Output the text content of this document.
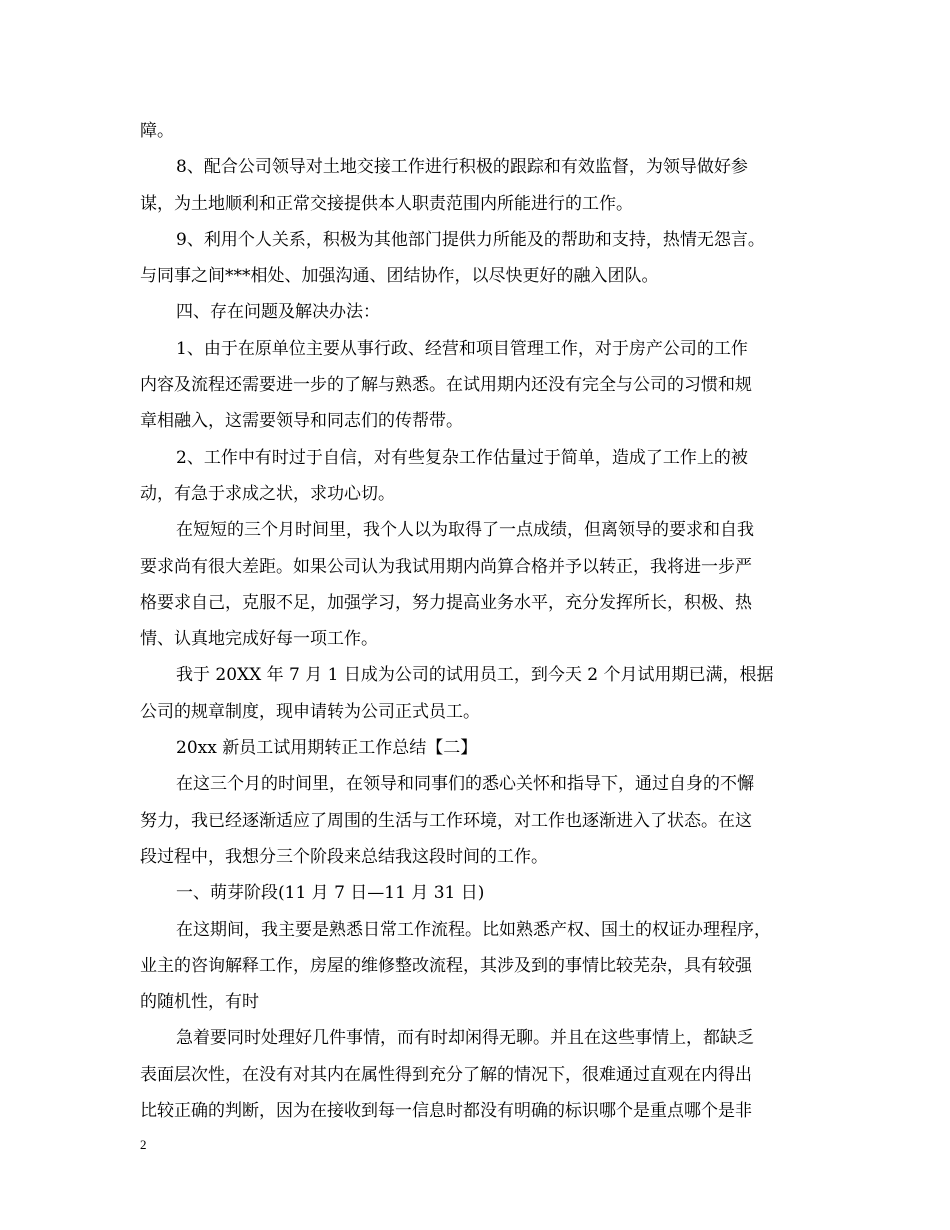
障。

8、配合公司领导对土地交接工作进行积极的跟踪和有效监督，为领导做好参

谋，为土地顺利和正常交接提供本人职责范围内所能进行的工作。

9、利用个人关系，积极为其他部门提供力所能及的帮助和支持，热情无怨言。

与同事之间***相处、加强沟通、团结协作，以尽快更好的融入团队。

四、存在问题及解决办法：

1、由于在原单位主要从事行政、经营和项目管理工作，对于房产公司的工作

内容及流程还需要进一步的了解与熟悉。在试用期内还没有完全与公司的习惯和规

章相融入，这需要领导和同志们的传帮带。

2、工作中有时过于自信，对有些复杂工作估量过于简单，造成了工作上的被

动，有急于求成之状，求功心切。

在短短的三个月时间里，我个人以为取得了一点成绩，但离领导的要求和自我

要求尚有很大差距。如果公司认为我试用期内尚算合格并予以转正，我将进一步严

格要求自己，克服不足，加强学习，努力提高业务水平，充分发挥所长，积极、热

情、认真地完成好每一项工作。

我于 20XX 年 7 月 1 日成为公司的试用员工，到今天 2 个月试用期已满，根据

公司的规章制度，现申请转为公司正式员工。

20xx 新员工试用期转正工作总结【二】

在这三个月的时间里，在领导和同事们的悉心关怀和指导下，通过自身的不懈

努力，我已经逐渐适应了周围的生活与工作环境，对工作也逐渐进入了状态。在这

段过程中，我想分三个阶段来总结我这段时间的工作。

一、萌芽阶段(11 月 7 日—11 月 31 日)

在这期间，我主要是熟悉日常工作流程。比如熟悉产权、国土的权证办理程序，

业主的咨询解释工作，房屋的维修整改流程，其涉及到的事情比较芜杂，具有较强

的随机性，有时

急着要同时处理好几件事情，而有时却闲得无聊。并且在这些事情上，都缺乏

表面层次性，在没有对其内在属性得到充分了解的情况下，很难通过直观在内得出

比较正确的判断，因为在接收到每一信息时都没有明确的标识哪个是重点哪个是非

2
